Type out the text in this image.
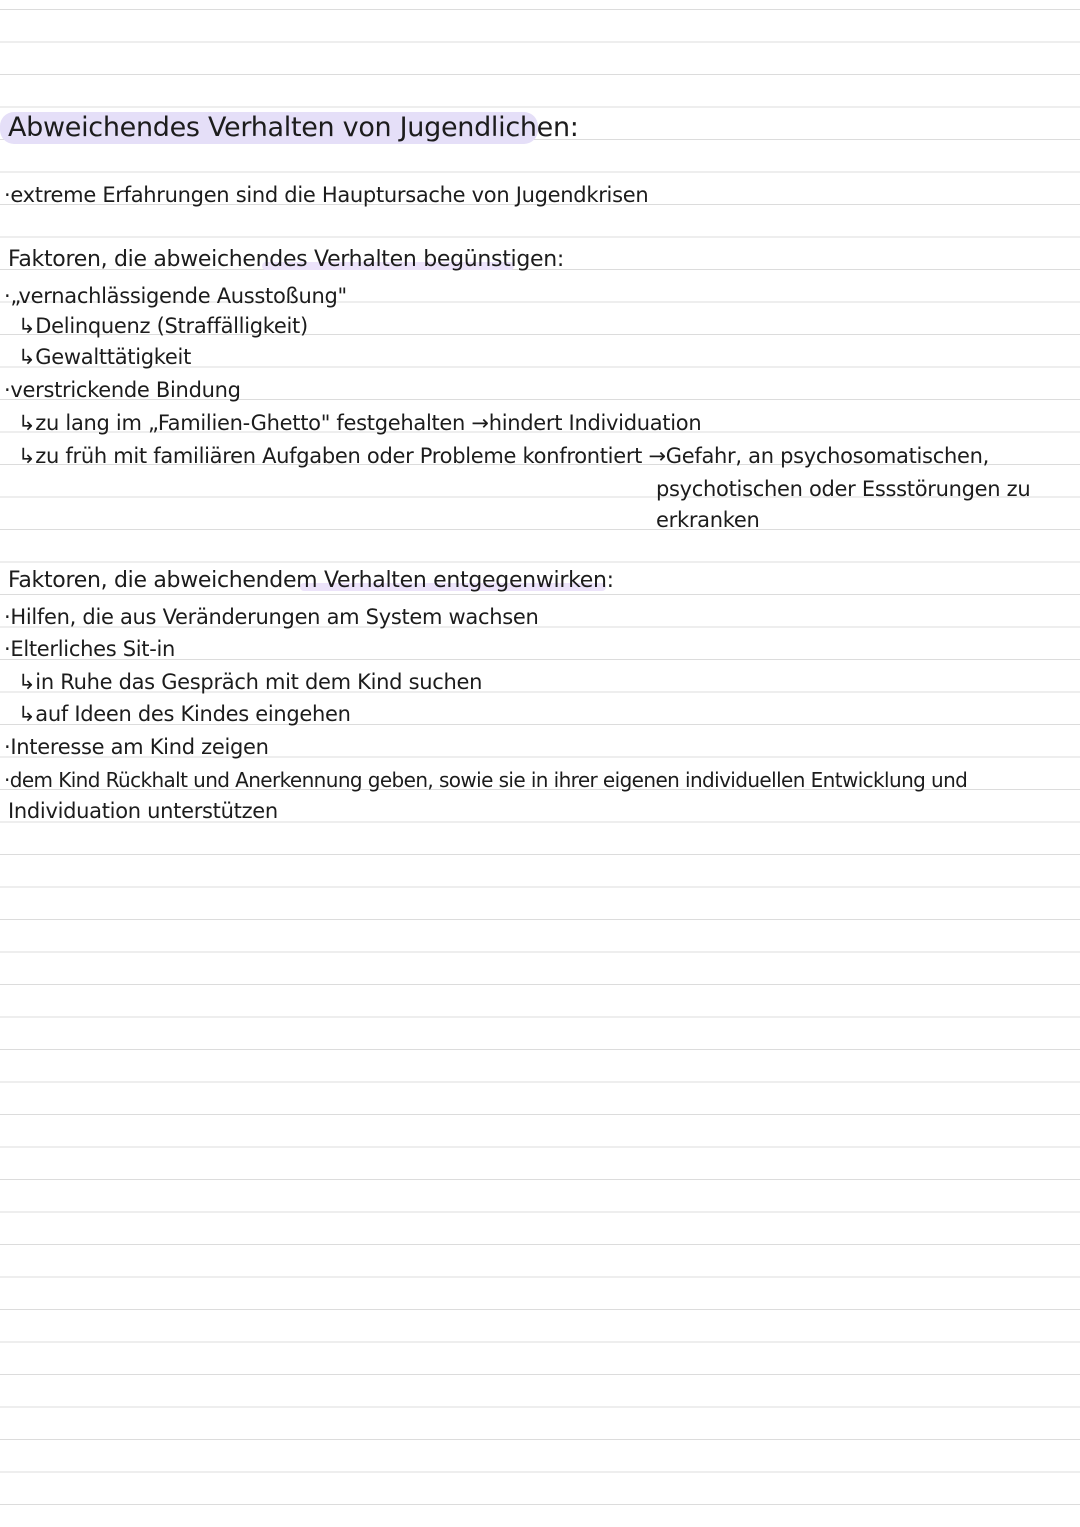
Abweichendes Verhalten von Jugendlichen:
·extreme Erfahrungen sind die Hauptursache von Jugendkrisen
Faktoren, die abweichendes Verhalten begünstigen:
·„vernachlässigende Ausstoßung"
↳Delinquenz (Straffälligkeit)
↳Gewalttätigkeit
·verstrickende Bindung
↳zu lang im „Familien-Ghetto" festgehalten →hindert Individuation
↳zu früh mit familiären Aufgaben oder Probleme konfrontiert →Gefahr, an psychosomatischen,
psychotischen oder Essstörungen zu
erkranken
Faktoren, die abweichendem Verhalten entgegenwirken:
·Hilfen, die aus Veränderungen am System wachsen
·Elterliches Sit-in
↳in Ruhe das Gespräch mit dem Kind suchen
↳auf Ideen des Kindes eingehen
·Interesse am Kind zeigen
·dem Kind Rückhalt und Anerkennung geben, sowie sie in ihrer eigenen individuellen Entwicklung und
Individuation unterstützen
